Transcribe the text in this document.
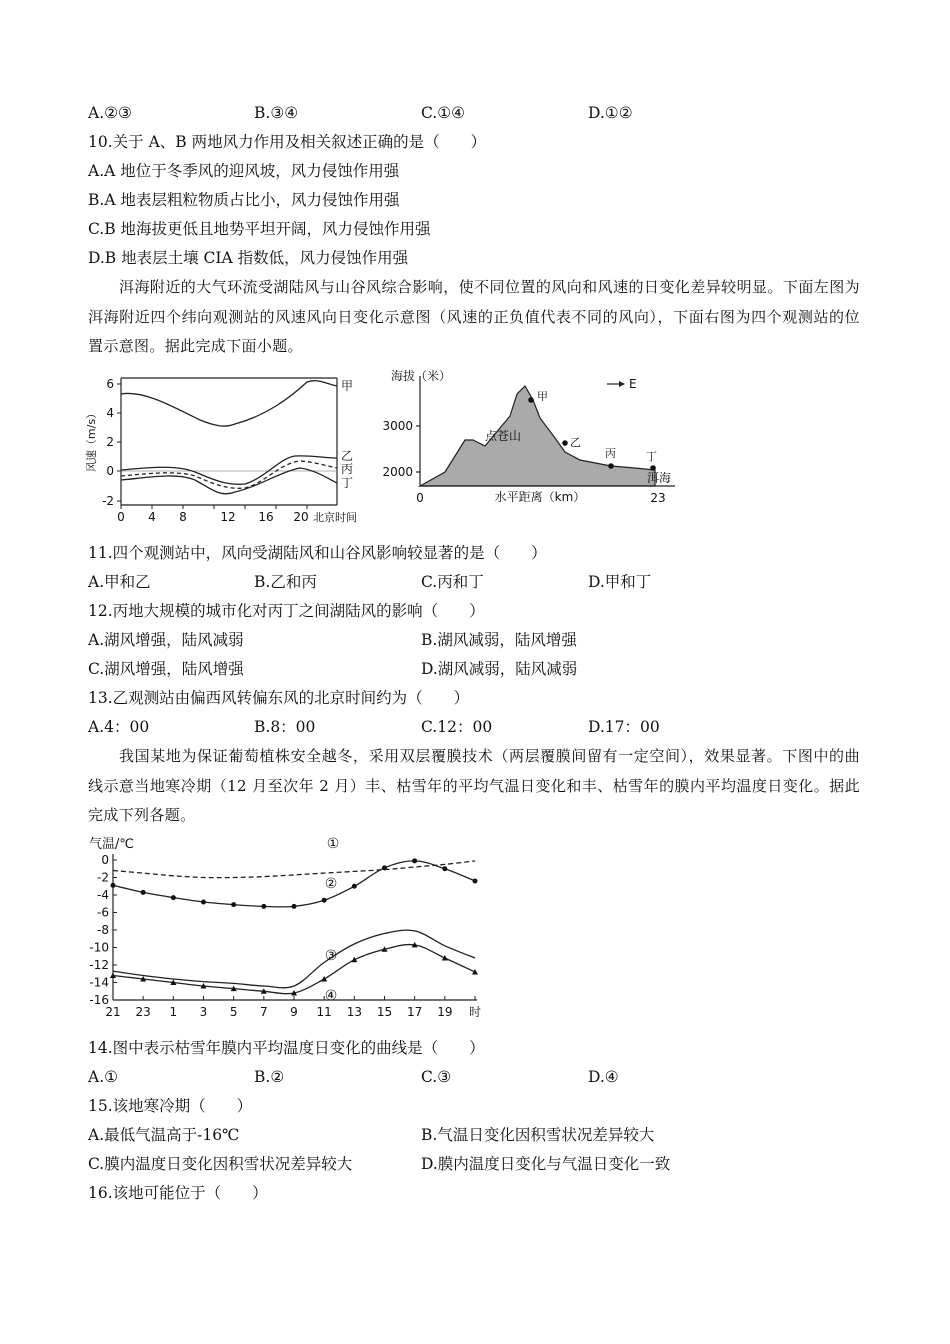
A.②③	B.③④	C.①④	D.①②
10.关于 A、B 两地风力作用及相关叙述正确的是（　　）
A.A 地位于冬季风的迎风坡，风力侵蚀作用强
B.A 地表层粗粒物质占比小，风力侵蚀作用强
C.B 地海拔更低且地势平坦开阔，风力侵蚀作用强
D.B 地表层土壤 CIA 指数低，风力侵蚀作用强
洱海附近的大气环流受湖陆风与山谷风综合影响，使不同位置的风向和风速的日变化差异较明显。下面左图为洱海附近四个纬向观测站的风速风向日变化示意图（风速的正负值代表不同的风向），下面右图为四个观测站的位置示意图。据此完成下面小题。
6
4
2
0
-2
0 4 8	12 16 20 北京时间
风速（m/s）
甲
乙
丙
丁
3000
2000
海拔（米）
0	23
水平距离（km）
E
点苍山
洱海
甲
乙
丙	丁
11.四个观测站中，风向受湖陆风和山谷风影响较显著的是（　　）
A.甲和乙	B.乙和丙	C.丙和丁	D.甲和丁
12.丙地大规模的城市化对丙丁之间湖陆风的影响（　　）
A.湖风增强，陆风减弱	B.湖风减弱，陆风增强
C.湖风增强，陆风增强	D.湖风减弱，陆风减弱
13.乙观测站由偏西风转偏东风的北京时间约为（　　）
A.4：00	B.8：00	C.12：00	D.17：00
我国某地为保证葡萄植株安全越冬，采用双层覆膜技术（两层覆膜间留有一定空间），效果显著。下图中的曲线示意当地寒冷期（12 月至次年 2 月）丰、枯雪年的平均气温日变化和丰、枯雪年的膜内平均温度日变化。据此完成下列各题。
0
-2
-4
-6
-8
-10
-12
-14
-16
21 23 1 3 5 7 9 11 13 15 17 19 时
气温/℃	①
②
③
④
14.图中表示枯雪年膜内平均温度日变化的曲线是（　　）
A.①	B.②	C.③	D.④
15.该地寒冷期（　　）
A.最低气温高于-16℃	B.气温日变化因积雪状况差异较大
C.膜内温度日变化因积雪状况差异较大	D.膜内温度日变化与气温日变化一致
16.该地可能位于（　　）
